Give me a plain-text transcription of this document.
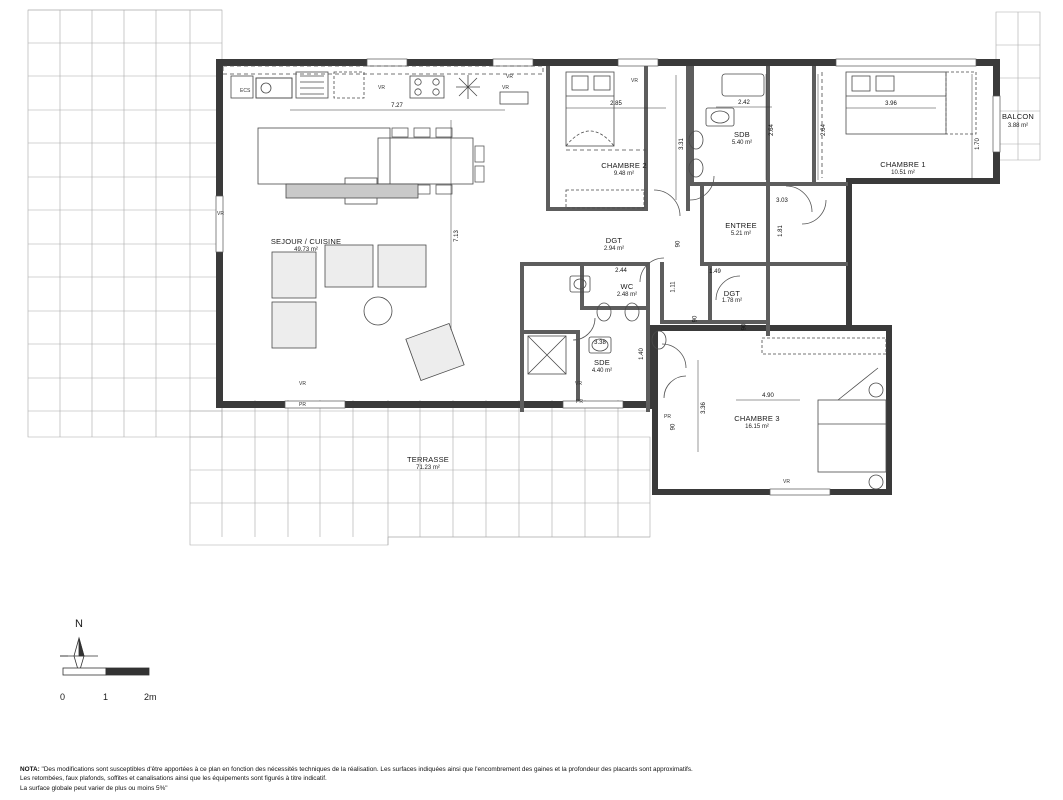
SEJOUR / CUISINE
49.73 m²
CHAMBRE 2
9.48 m²
CHAMBRE 1
10.51 m²
CHAMBRE 3
16.15 m²
SDB
5.40 m²
ENTREE
5.21 m²
DGT
2.94 m²
WC
2.48 m²	DGT
1.78 m²
SDE
4.40 m²
TERRASSE
71.23 m²
BALCON
3.88 m²
7.27	2.85	2.42	3.96
3.03
2.44	1.49
3.38
4.90
7.13
3.31
2.64	2.64
1.70
90
1.81
1.11
90
1.40
3.36
90
90
ECS	VR	VR
VR
VR
VR	VR
VR
VR
PR	PR
PR
NOTA: "Des modifications sont susceptibles d'être apportées à ce plan en fonction des nécessités techniques de la réalisation. Les surfaces indiquées ainsi que l'encombrement des gaines et la profondeur des placards sont approximatifs.
Les retombées, faux plafonds, soffites et canalisations ainsi que les équipements sont figurés à titre indicatif.
La surface globale peut varier de plus ou moins 5%"
N
0	1	2m
